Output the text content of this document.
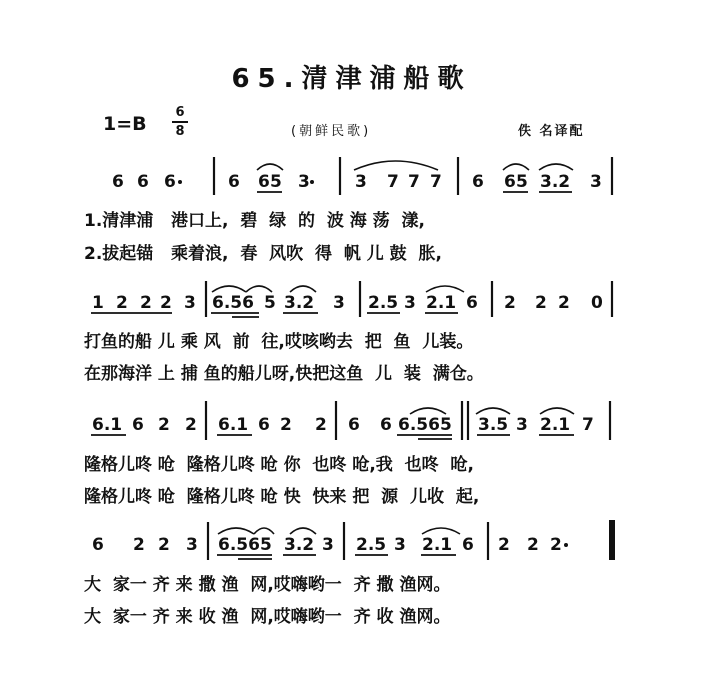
65.清津浦船歌
1=B
6
8	(朝鲜民歌)	佚 名译配
6 6 6	6 6 5 3	3 7 7 7 6 6 5 3.2 3
1 2 2 2 3 6.56 5 3.2 3 2.5 3 2.1 6 2 2 2 0
6.1 6 2 2 6.1 6 2 2 6 6 6.565 3.5 3 2.1 7
6 2 2 3 6.565 3.2 3 2.5 3 2.1 6 2 2 2
1.清津浦   港口上,  碧  绿  的  波 海 荡  漾,
2.拔起锚   乘着浪,  春  风吹  得  帆 儿 鼓  胀,
打鱼的船 儿 乘 风  前  往,哎咳哟去  把  鱼  儿装。
在那海洋 上 捕 鱼的船儿呀,快把这鱼  儿  装  满仓。
隆格儿咚 呛  隆格儿咚 呛 你  也咚 呛,我  也咚  呛,
隆格儿咚 呛  隆格儿咚 呛 快  快来 把  源  儿收  起,
大  家一 齐 来 撒 渔  网,哎嗨哟一  齐 撒 渔网。
大  家一 齐 来 收 渔  网,哎嗨哟一  齐 收 渔网。
